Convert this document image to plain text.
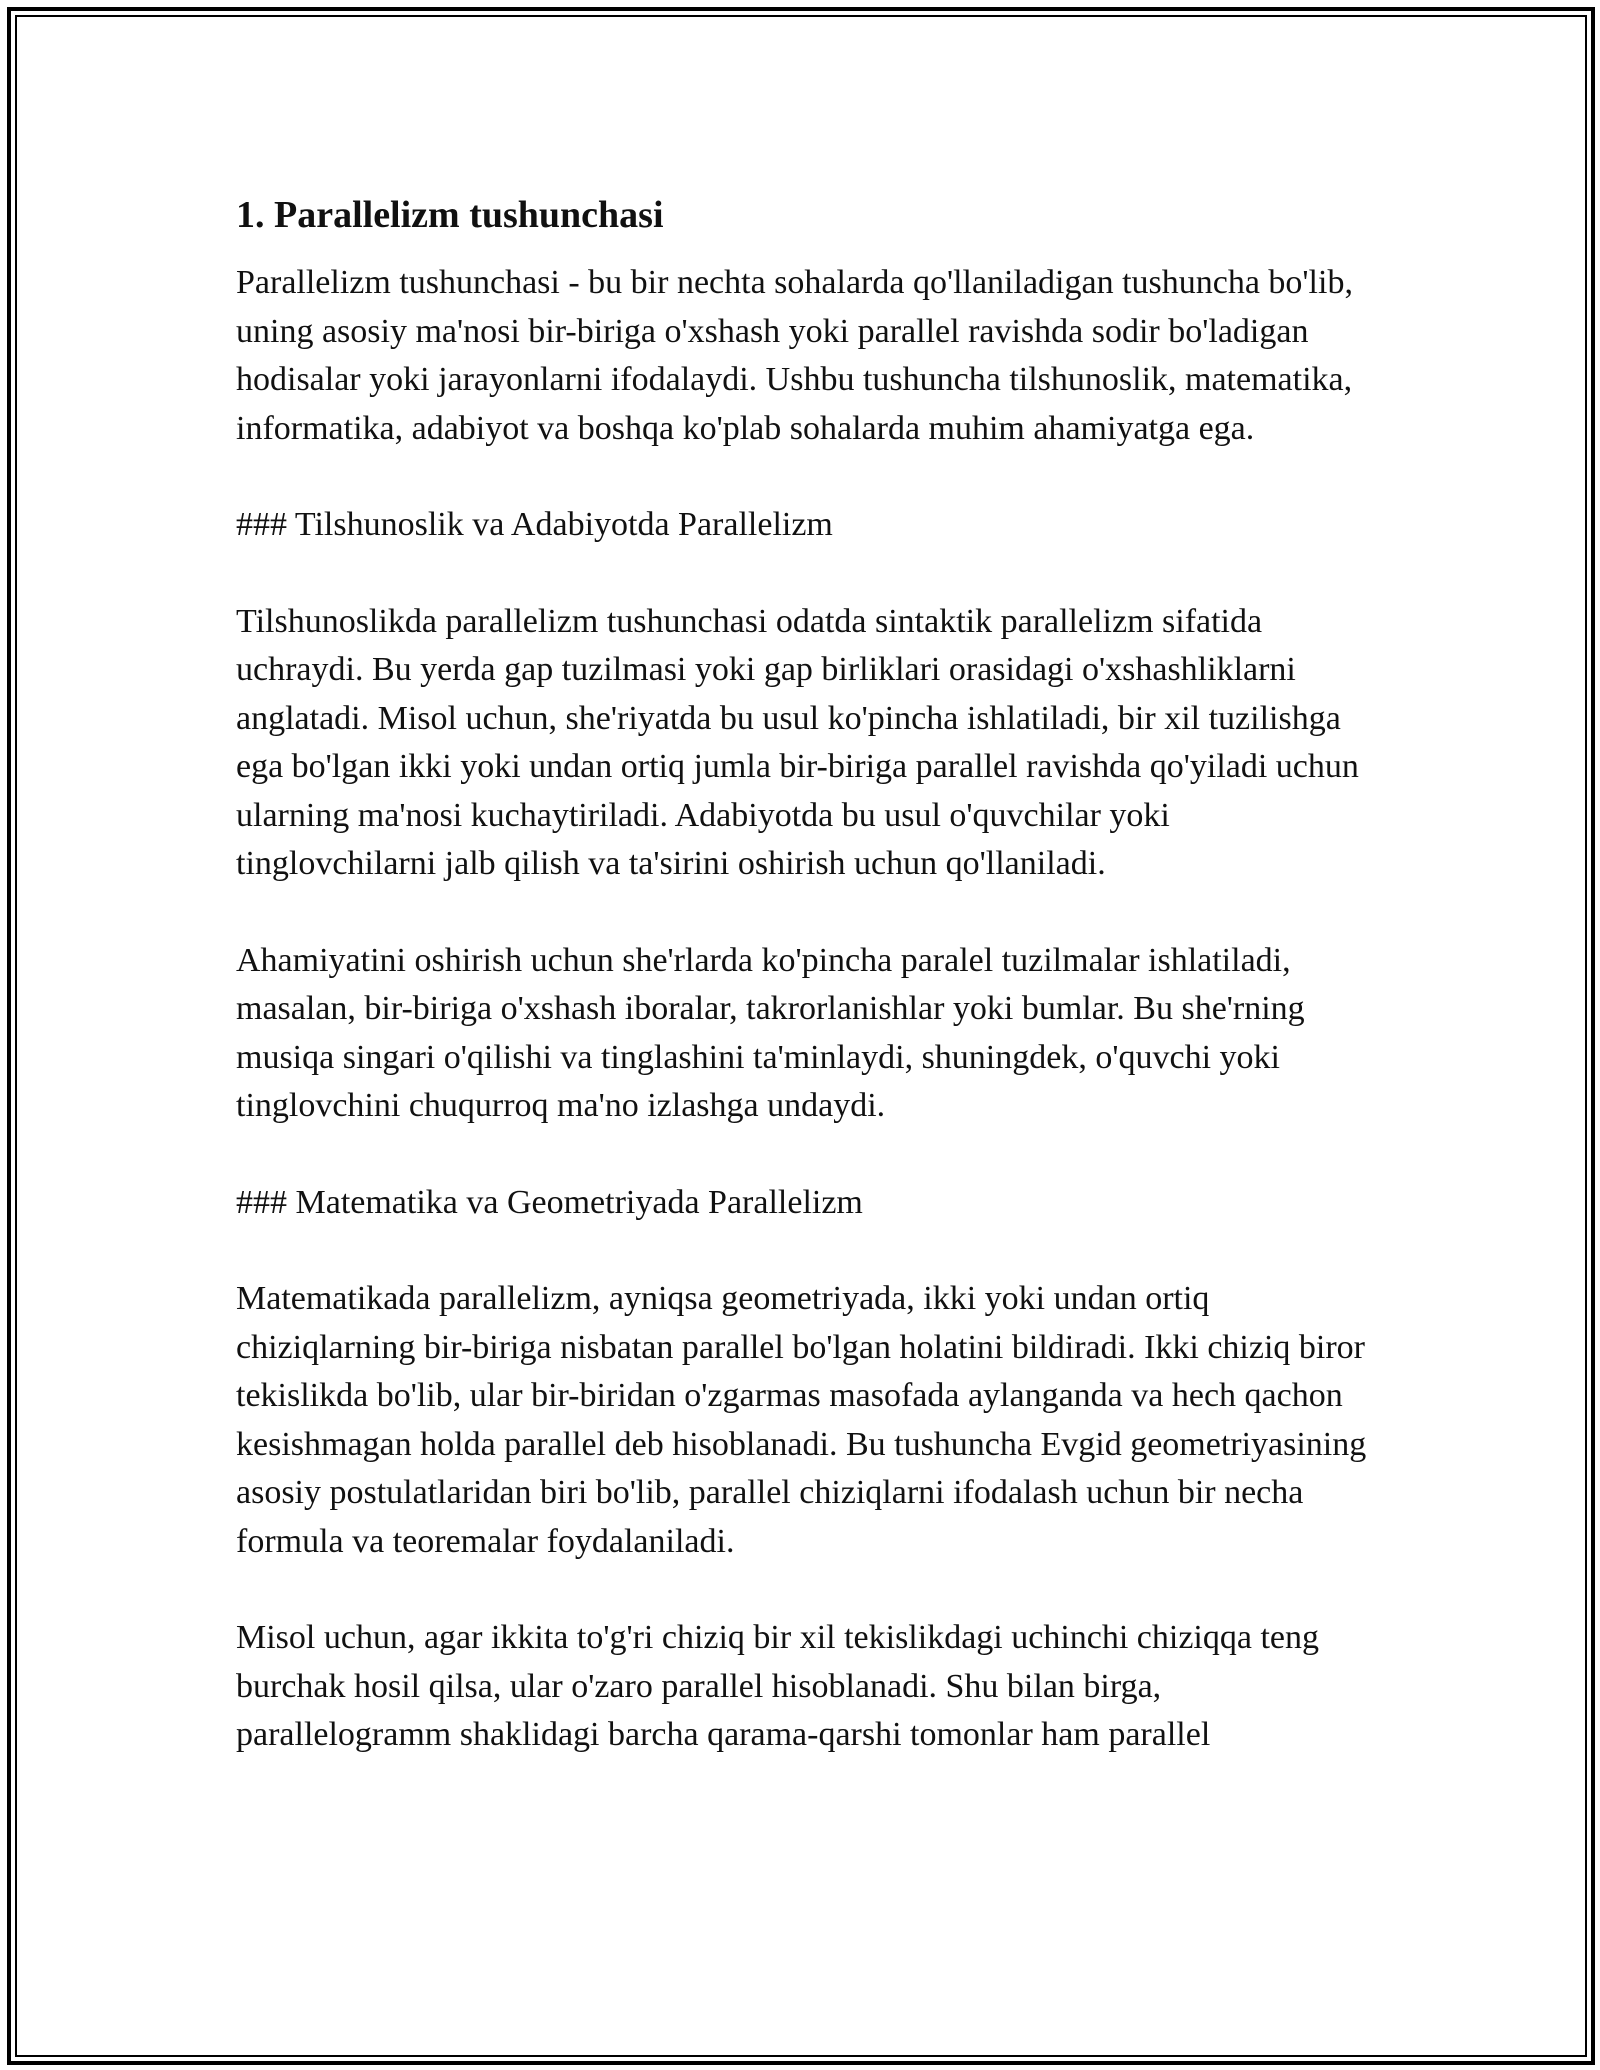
1. Parallelizm tushunchasi

Parallelizm tushunchasi - bu bir nechta sohalarda qo'llaniladigan tushuncha bo'lib, uning asosiy ma'nosi bir-biriga o'xshash yoki parallel ravishda sodir bo'ladigan hodisalar yoki jarayonlarni ifodalaydi. Ushbu tushuncha tilshunoslik, matematika, informatika, adabiyot va boshqa ko'plab sohalarda muhim ahamiyatga ega.

### Tilshunoslik va Adabiyotda Parallelizm

Tilshunoslikda parallelizm tushunchasi odatda sintaktik parallelizm sifatida uchraydi. Bu yerda gap tuzilmasi yoki gap birliklari orasidagi o'xshashliklarni anglatadi. Misol uchun, she'riyatda bu usul ko'pincha ishlatiladi, bir xil tuzilishga ega bo'lgan ikki yoki undan ortiq jumla bir-biriga parallel ravishda qo'yiladi uchun ularning ma'nosi kuchaytiriladi. Adabiyotda bu usul o'quvchilar yoki tinglovchilarni jalb qilish va ta'sirini oshirish uchun qo'llaniladi.

Ahamiyatini oshirish uchun she'rlarda ko'pincha paralel tuzilmalar ishlatiladi, masalan, bir-biriga o'xshash iboralar, takrorlanishlar yoki bumlar. Bu she'rning musiqa singari o'qilishi va tinglashini ta'minlaydi, shuningdek, o'quvchi yoki tinglovchini chuqurroq ma'no izlashga undaydi.

### Matematika va Geometriyada Parallelizm

Matematikada parallelizm, ayniqsa geometriyada, ikki yoki undan ortiq chiziqlarning bir-biriga nisbatan parallel bo'lgan holatini bildiradi. Ikki chiziq biror tekislikda bo'lib, ular bir-biridan o'zgarmas masofada aylanganda va hech qachon kesishmagan holda parallel deb hisoblanadi. Bu tushuncha Evgid geometriyasining asosiy postulatlaridan biri bo'lib, parallel chiziqlarni ifodalash uchun bir necha formula va teoremalar foydalaniladi.

Misol uchun, agar ikkita to'g'ri chiziq bir xil tekislikdagi uchinchi chiziqqa teng burchak hosil qilsa, ular o'zaro parallel hisoblanadi. Shu bilan birga, parallelogramm shaklidagi barcha qarama-qarshi tomonlar ham parallel
